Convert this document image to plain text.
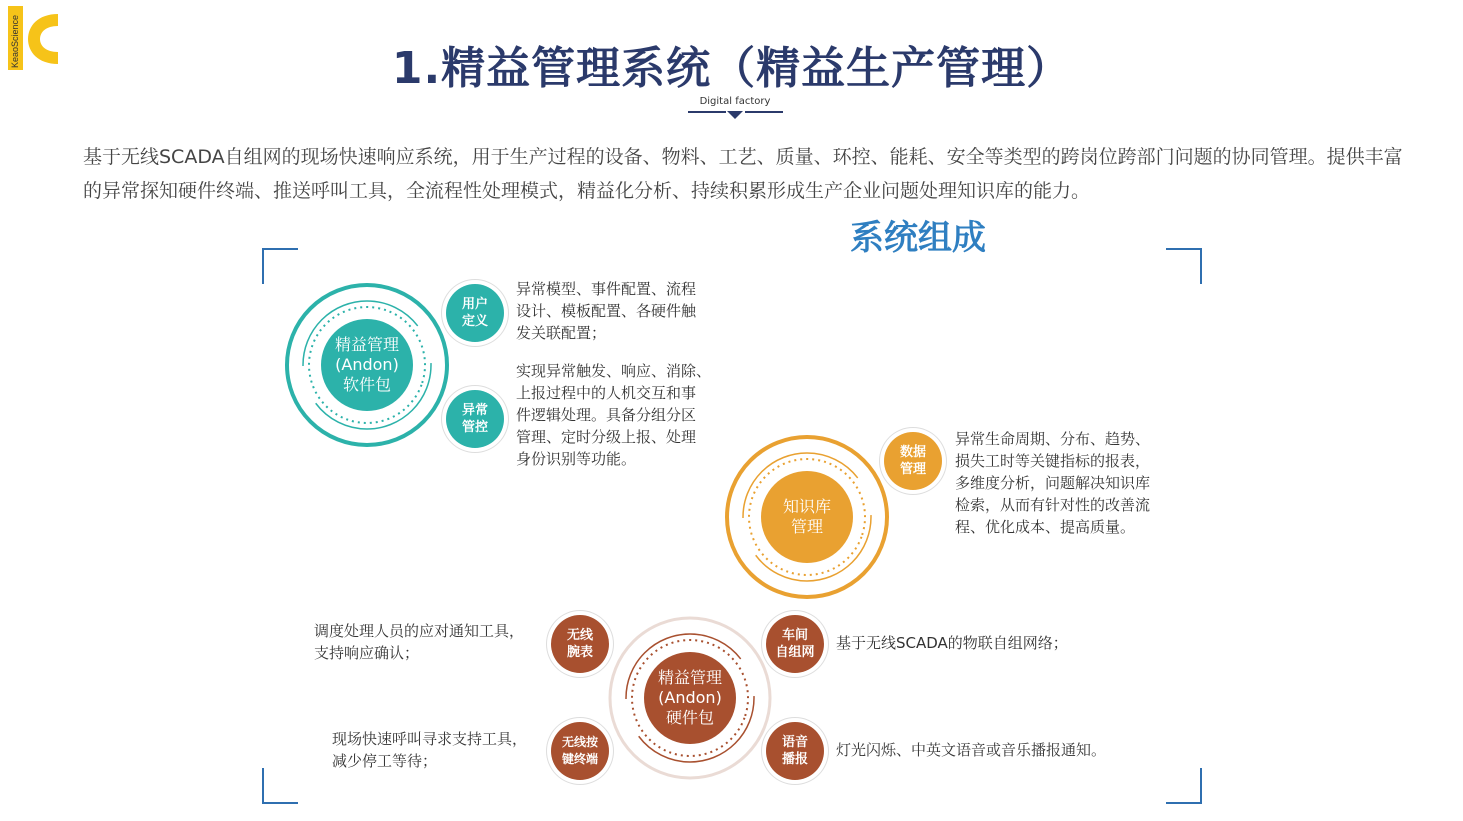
KeaoScience
1.精益管理系统（精益生产管理）
Digital factory
基于无线SCADA自组网的现场快速响应系统，用于生产过程的设备、物料、工艺、质量、环控、能耗、安全等类型的跨岗位跨部门问题的协同管理。提供丰富的异常探知硬件终端、推送呼叫工具，全流程性处理模式，精益化分析、持续积累形成生产企业问题处理知识库的能力。
系统组成
精益管理
(Andon)
软件包
用户
定义
异常
管控
异常模型、事件配置、流程
设计、模板配置、各硬件触
发关联配置；
实现异常触发、响应、消除、
上报过程中的人机交互和事
件逻辑处理。具备分组分区
管理、定时分级上报、处理
身份识别等功能。
知识库
管理
数据
管理
异常生命周期、分布、趋势、
损失工时等关键指标的报表，
多维度分析，问题解决知识库
检索，从而有针对性的改善流
程、优化成本、提高质量。
精益管理
(Andon)
硬件包
无线
腕表
车间
自组网
无线按
键终端
语音
播报
调度处理人员的应对通知工具，
支持响应确认；
基于无线SCADA的物联自组网络；
现场快速呼叫寻求支持工具，
减少停工等待；
灯光闪烁、中英文语音或音乐播报通知。
